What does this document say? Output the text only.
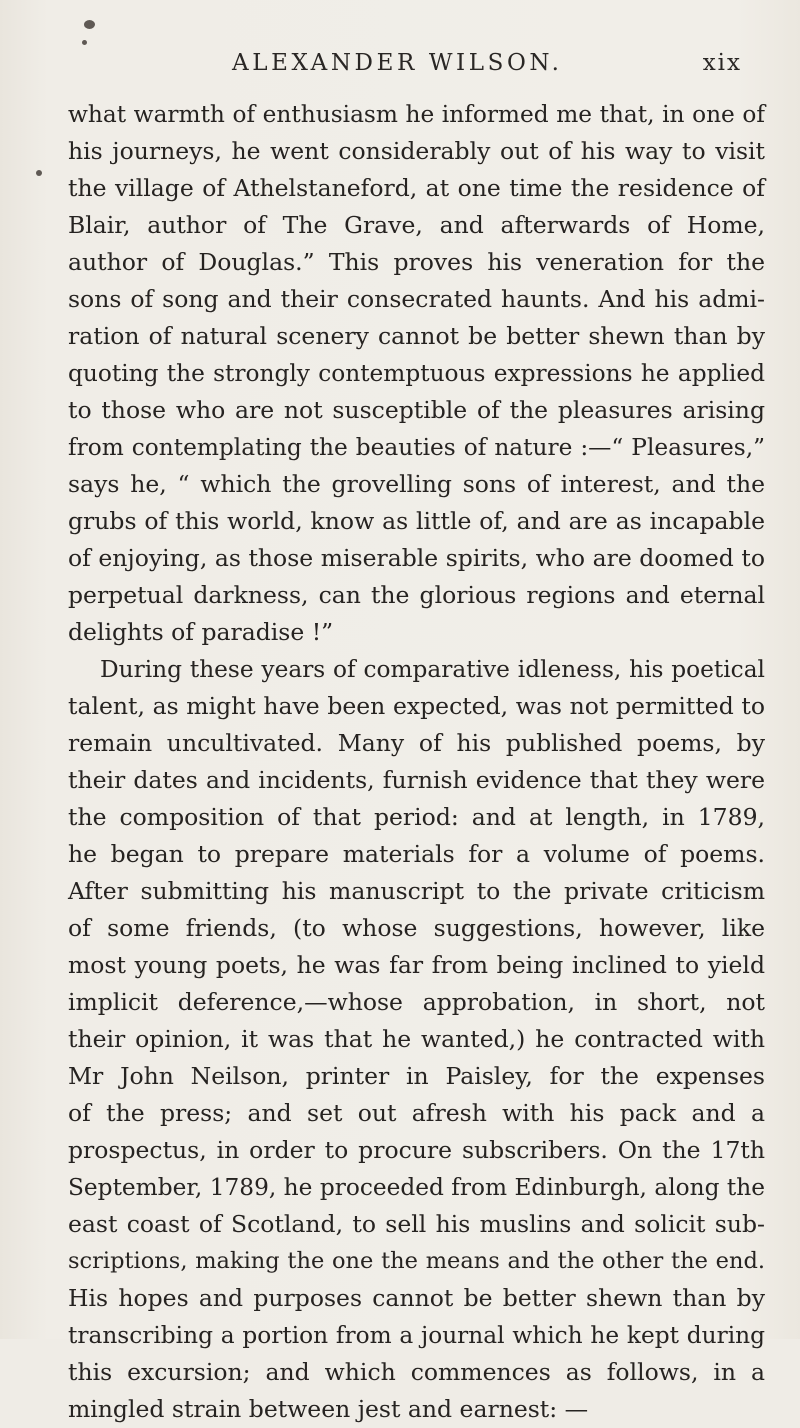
ALEXANDER WILSON.	xix
what warmth of enthusiasm he informed me that, in one of
his journeys, he went considerably out of his way to visit
the village of Athelstaneford, at one time the residence of
Blair, author of The Grave, and afterwards of Home,
author of Douglas.” This proves his veneration for the
sons of song and their consecrated haunts. And his admi-
ration of natural scenery cannot be better shewn than by
quoting the strongly contemptuous expressions he applied
to those who are not susceptible of the pleasures arising
from contemplating the beauties of nature :—“ Pleasures,”
says he, “ which the grovelling sons of interest, and the
grubs of this world, know as little of, and are as incapable
of enjoying, as those miserable spirits, who are doomed to
perpetual darkness, can the glorious regions and eternal
delights of paradise !”
During these years of comparative idleness, his poetical
talent, as might have been expected, was not permitted to
remain uncultivated. Many of his published poems, by
their dates and incidents, furnish evidence that they were
the composition of that period: and at length, in 1789,
he began to prepare materials for a volume of poems.
After submitting his manuscript to the private criticism
of some friends, (to whose suggestions, however, like
most young poets, he was far from being inclined to yield
implicit deference,—whose approbation, in short, not
their opinion, it was that he wanted,) he contracted with
Mr John Neilson, printer in Paisley, for the expenses
of the press; and set out afresh with his pack and a
prospectus, in order to procure subscribers. On the 17th
September, 1789, he proceeded from Edinburgh, along the
east coast of Scotland, to sell his muslins and solicit sub-
scriptions, making the one the means and the other the end.
His hopes and purposes cannot be better shewn than by
transcribing a portion from a journal which he kept during
this excursion; and which commences as follows, in a
mingled strain between jest and earnest: —
